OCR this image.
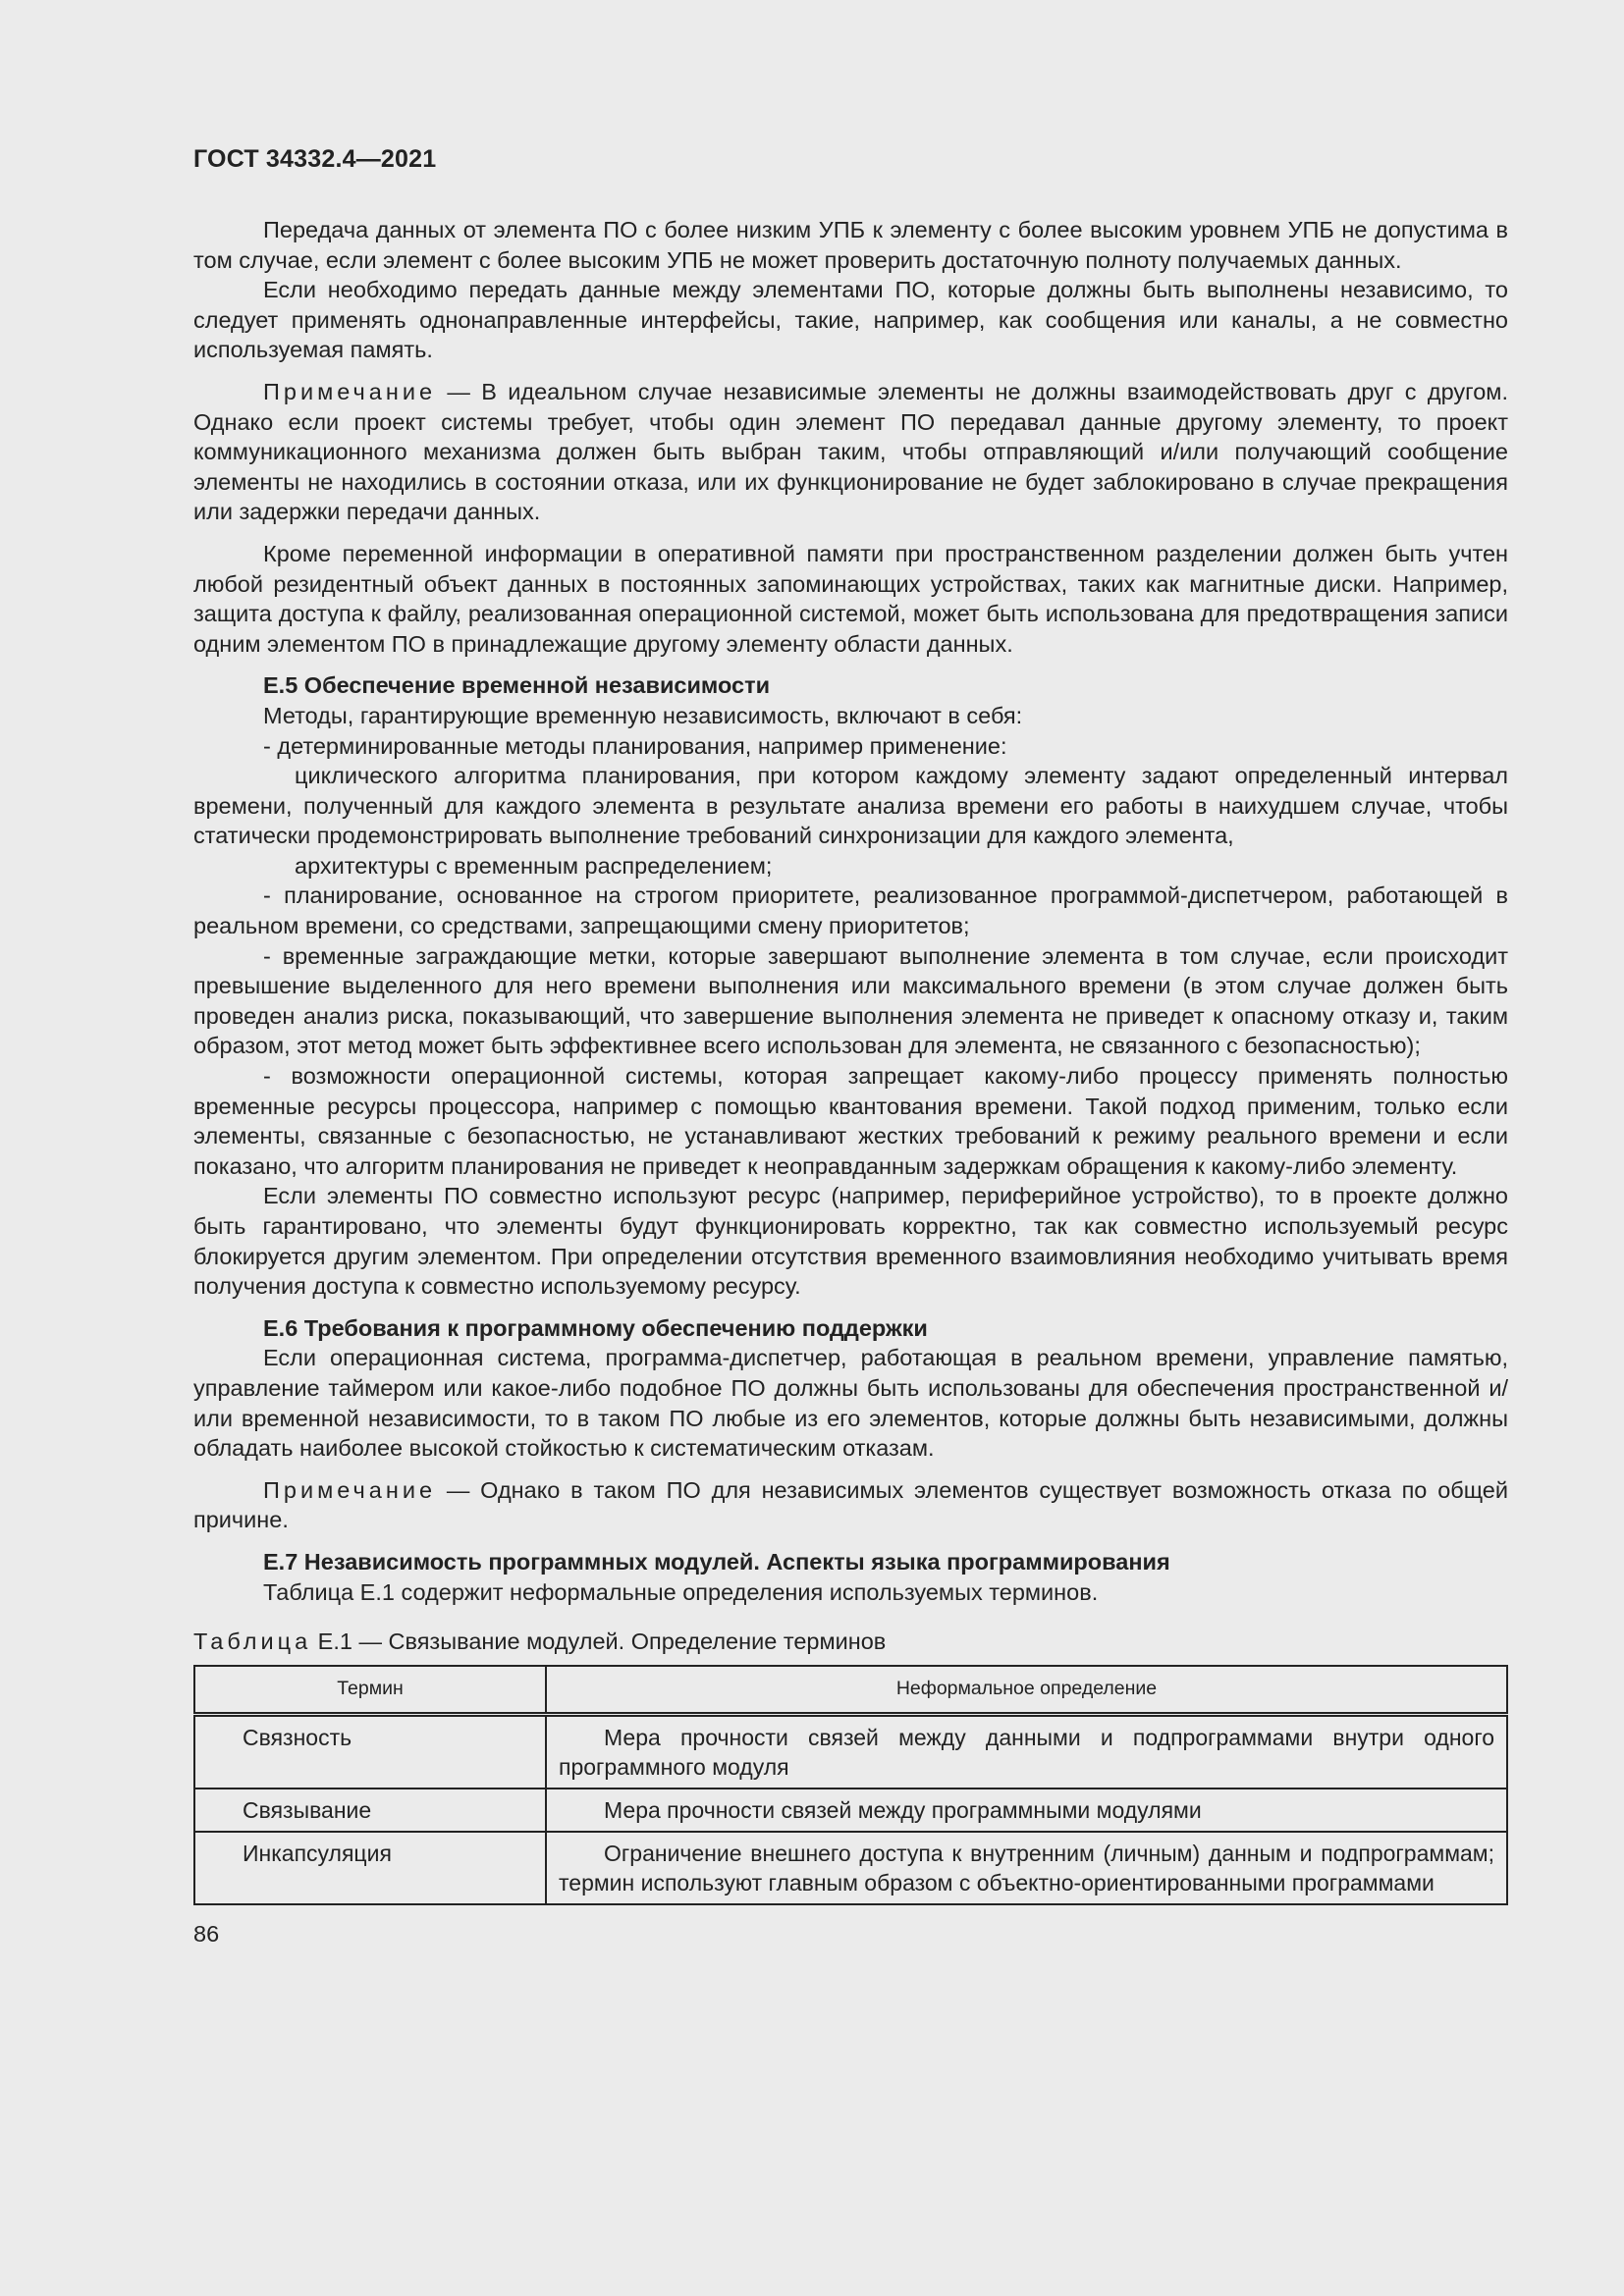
ГОСТ 34332.4—2021

Передача данных от элемента ПО с более низким УПБ к элементу с более высоким уровнем УПБ не допустима в том случае, если элемент с более высоким УПБ не может проверить достаточную полноту получаемых данных.

Если необходимо передать данные между элементами ПО, которые должны быть выполнены независимо, то следует применять однонаправленные интерфейсы, такие, например, как сообщения или каналы, а не совместно используемая память.

Примечание — В идеальном случае независимые элементы не должны взаимодействовать друг с другом. Однако если проект системы требует, чтобы один элемент ПО передавал данные другому элементу, то проект коммуникационного механизма должен быть выбран таким, чтобы отправляющий и/или получающий сообщение элементы не находились в состоянии отказа, или их функционирование не будет заблокировано в случае прекращения или задержки передачи данных.

Кроме переменной информации в оперативной памяти при пространственном разделении должен быть учтен любой резидентный объект данных в постоянных запоминающих устройствах, таких как магнитные диски. Например, защита доступа к файлу, реализованная операционной системой, может быть использована для предотвращения записи одним элементом ПО в принадлежащие другому элементу области данных.

Е.5 Обеспечение временной независимости

Методы, гарантирующие временную независимость, включают в себя:

- детерминированные методы планирования, например применение:

циклического алгоритма планирования, при котором каждому элементу задают определенный интервал времени, полученный для каждого элемента в результате анализа времени его работы в наихудшем случае, чтобы статически продемонстрировать выполнение требований синхронизации для каждого элемента,

архитектуры с временным распределением;

- планирование, основанное на строгом приоритете, реализованное программой-диспетчером, работающей в реальном времени, со средствами, запрещающими смену приоритетов;

- временные заграждающие метки, которые завершают выполнение элемента в том случае, если происходит превышение выделенного для него времени выполнения или максимального времени (в этом случае должен быть проведен анализ риска, показывающий, что завершение выполнения элемента не приведет к опасному отказу и, таким образом, этот метод может быть эффективнее всего использован для элемента, не связанного с безопасностью);

- возможности операционной системы, которая запрещает какому-либо процессу применять полностью временные ресурсы процессора, например с помощью квантования времени. Такой подход применим, только если элементы, связанные с безопасностью, не устанавливают жестких требований к режиму реального времени и если показано, что алгоритм планирования не приведет к неоправданным задержкам обращения к какому-либо элементу.

Если элементы ПО совместно используют ресурс (например, периферийное устройство), то в проекте должно быть гарантировано, что элементы будут функционировать корректно, так как совместно используемый ресурс блокируется другим элементом. При определении отсутствия временного взаимовлияния необходимо учитывать время получения доступа к совместно используемому ресурсу.

Е.6 Требования к программному обеспечению поддержки

Если операционная система, программа-диспетчер, работающая в реальном времени, управление памятью, управление таймером или какое-либо подобное ПО должны быть использованы для обеспечения пространственной и/или временной независимости, то в таком ПО любые из его элементов, которые должны быть независимыми, должны обладать наиболее высокой стойкостью к систематическим отказам.

Примечание — Однако в таком ПО для независимых элементов существует возможность отказа по общей причине.

Е.7 Независимость программных модулей. Аспекты языка программирования

Таблица Е.1 содержит неформальные определения используемых терминов.

Таблица Е.1 — Связывание модулей. Определение терминов
Термин	Неформальное определение
Связность	Мера прочности связей между данными и подпрограммами внутри одного программного модуля
Связывание	Мера прочности связей между программными модулями
Инкапсуляция	Ограничение внешнего доступа к внутренним (личным) данным и подпрограммам; термин используют главным образом с объектно-ориентированными программами
86
